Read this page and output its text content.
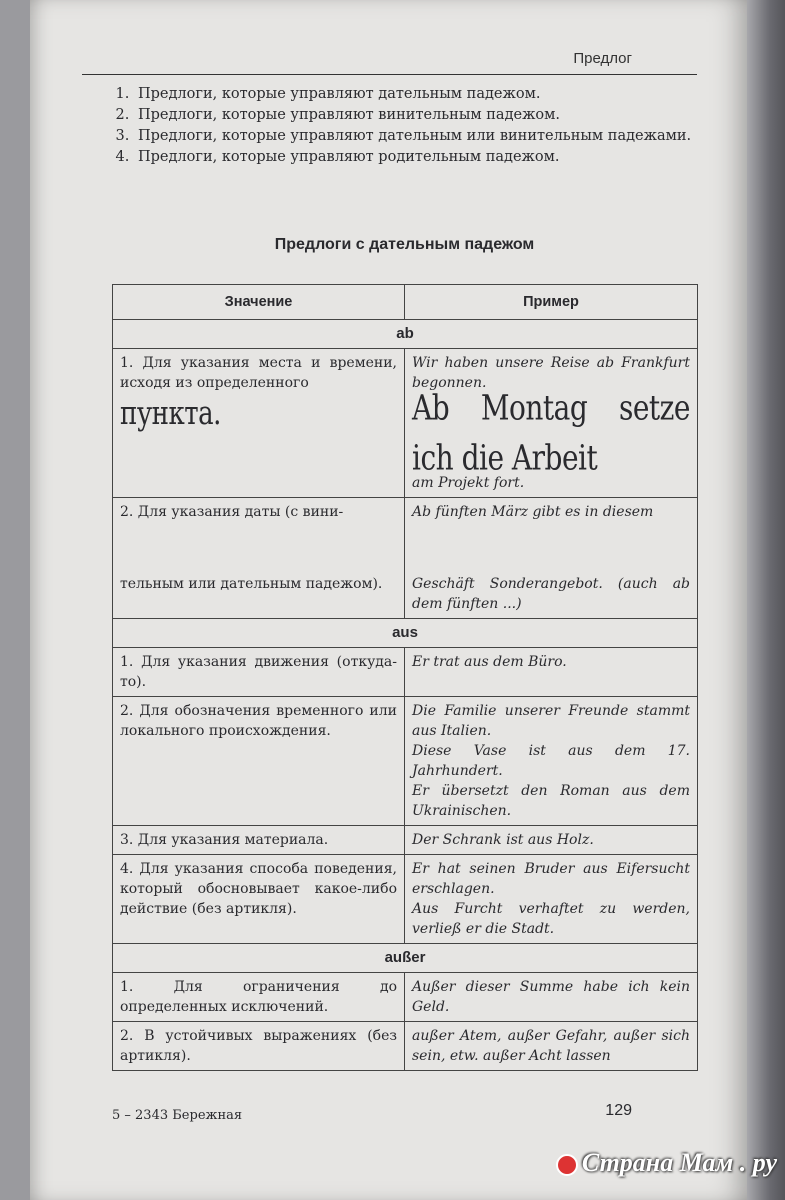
Предлог
1. Предлоги, которые управляют дательным падежом.
2. Предлоги, которые управляют винительным падежом.
3. Предлоги, которые управляют дательным или винительным падежами.
4. Предлоги, которые управляют родительным падежом.
Предлоги с дательным падежом
Значение	Пример
ab	
1. Для указания места и времени, исходя из определенного
пункта.	Wir haben unsere Reise ab Frankfurt begonnen.
Ab Montag setze ich die Arbeit
am Projekt fort.

2. Для указания даты (с вини-
тельным или дательным падежом).	Ab fünften März gibt es in diesem
Geschäft Sonderangebot. (auch ab dem fünften ...)

aus	
1. Для указания движения (откуда-то).	Er trat aus dem Büro.
2. Для обозначения временного или локального происхождения.	Die Familie unserer Freunde stammt aus Italien.
Diese Vase ist aus dem 17. Jahrhundert.
Er übersetzt den Roman aus dem Ukrainischen.

3. Для указания материала.	Der Schrank ist aus Holz.
4. Для указания способа поведения, который обосновывает какое-либо действие (без артикля).	Er hat seinen Bruder aus Eifersucht erschlagen.
Aus Furcht verhaftet zu werden, verließ er die Stadt.

außer	
1. Для ограничения до определенных исключений.	Außer dieser Summe habe ich kein Geld.
2. В устойчивых выражениях (без артикля).	außer Atem, außer Gefahr, außer sich sein, etw. außer Acht lassen
5 – 2343 Бережная	129
Страна Мам . ру
